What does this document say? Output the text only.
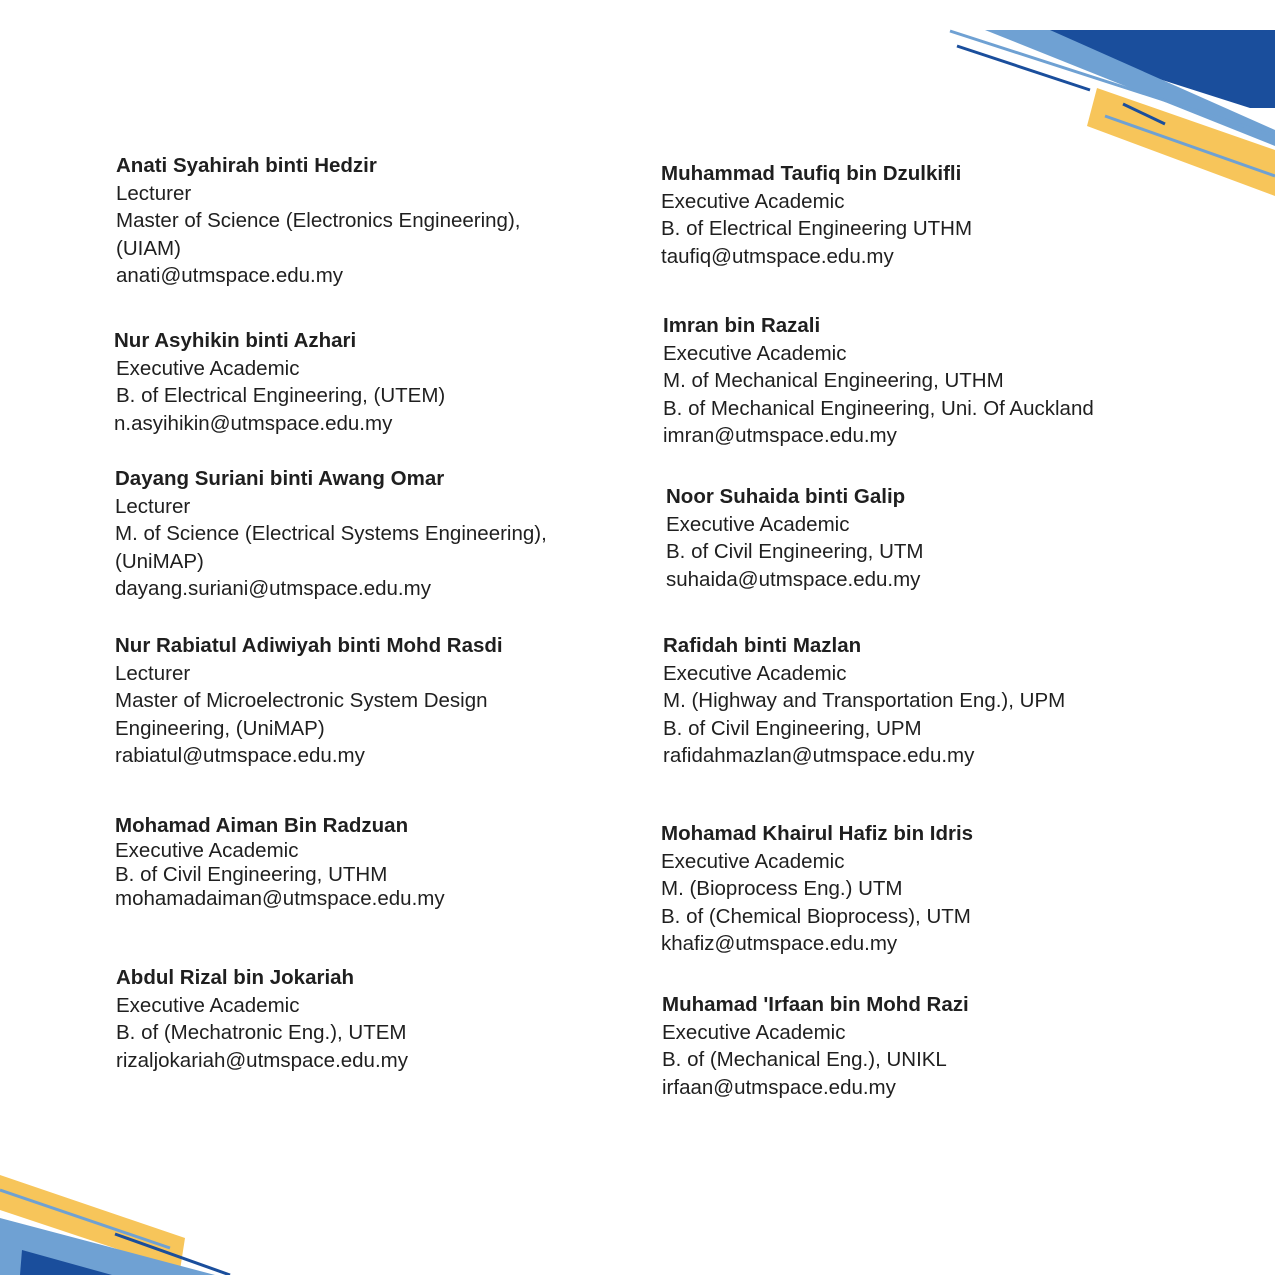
Anati Syahirah binti Hedzir
Lecturer
Master of Science (Electronics Engineering),
(UIAM)
anati@utmspace.edu.my
Nur Asyhikin binti Azhari
Executive Academic
B. of Electrical Engineering, (UTEM)
n.asyihikin@utmspace.edu.my
Dayang Suriani binti Awang Omar
Lecturer
M. of Science (Electrical Systems Engineering),
(UniMAP)
dayang.suriani@utmspace.edu.my
Nur Rabiatul Adiwiyah binti Mohd Rasdi
Lecturer
Master of Microelectronic System Design
Engineering, (UniMAP)
rabiatul@utmspace.edu.my
Mohamad Aiman Bin Radzuan
Executive Academic
B. of Civil Engineering, UTHM
mohamadaiman@utmspace.edu.my
Abdul Rizal bin Jokariah
Executive Academic
B. of (Mechatronic Eng.), UTEM
rizaljokariah@utmspace.edu.my
Muhammad Taufiq bin Dzulkifli
Executive Academic
B. of Electrical Engineering UTHM
taufiq@utmspace.edu.my
Imran bin Razali
Executive Academic
M. of Mechanical Engineering, UTHM
B. of Mechanical Engineering, Uni. Of Auckland
imran@utmspace.edu.my
Noor Suhaida binti Galip
Executive Academic
B. of Civil Engineering, UTM
suhaida@utmspace.edu.my
Rafidah binti Mazlan
Executive Academic
M. (Highway and Transportation Eng.), UPM
B. of Civil Engineering, UPM
rafidahmazlan@utmspace.edu.my
Mohamad Khairul Hafiz bin Idris
Executive Academic
M. (Bioprocess Eng.) UTM
B. of (Chemical Bioprocess), UTM
khafiz@utmspace.edu.my
Muhamad 'Irfaan bin Mohd Razi
Executive Academic
B. of (Mechanical Eng.), UNIKL
irfaan@utmspace.edu.my
